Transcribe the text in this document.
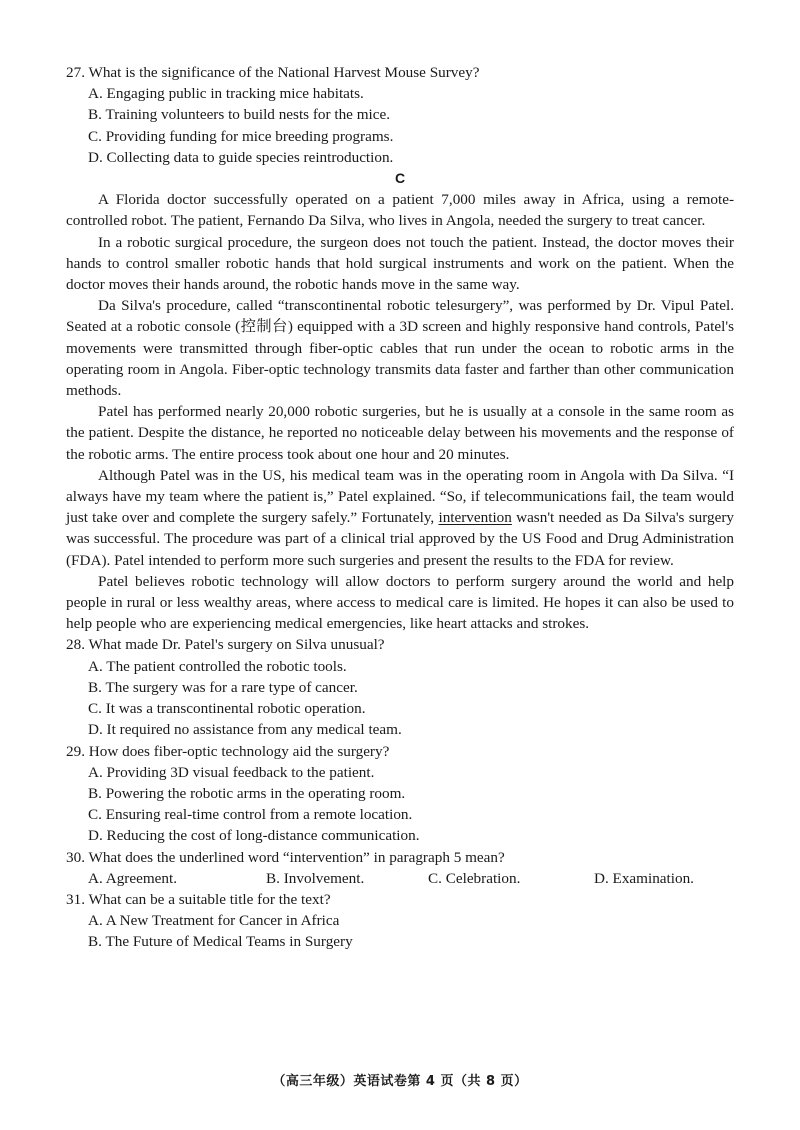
27. What is the significance of the National Harvest Mouse Survey?

A. Engaging public in tracking mice habitats.

B. Training volunteers to build nests for the mice.

C. Providing funding for mice breeding programs.

D. Collecting data to guide species reintroduction.

C

A Florida doctor successfully operated on a patient 7,000 miles away in Africa, using a remote-controlled robot. The patient, Fernando Da Silva, who lives in Angola, needed the surgery to treat cancer.

In a robotic surgical procedure, the surgeon does not touch the patient. Instead, the doctor moves their hands to control smaller robotic hands that hold surgical instruments and work on the patient. When the doctor moves their hands around, the robotic hands move in the same way.

Da Silva's procedure, called “transcontinental robotic telesurgery”, was performed by Dr. Vipul Patel. Seated at a robotic console (控制台) equipped with a 3D screen and highly responsive hand controls, Patel's movements were transmitted through fiber-optic cables that run under the ocean to robotic arms in the operating room in Angola. Fiber-optic technology transmits data faster and farther than other communication methods.

Patel has performed nearly 20,000 robotic surgeries, but he is usually at a console in the same room as the patient. Despite the distance, he reported no noticeable delay between his movements and the response of the robotic arms. The entire process took about one hour and 20 minutes.

Although Patel was in the US, his medical team was in the operating room in Angola with Da Silva. “I always have my team where the patient is,” Patel explained. “So, if telecommunications fail, the team would just take over and complete the surgery safely.” Fortunately, intervention wasn't needed as Da Silva's surgery was successful. The procedure was part of a clinical trial approved by the US Food and Drug Administration (FDA). Patel intended to perform more such surgeries and present the results to the FDA for review.

Patel believes robotic technology will allow doctors to perform surgery around the world and help people in rural or less wealthy areas, where access to medical care is limited. He hopes it can also be used to help people who are experiencing medical emergencies, like heart attacks and strokes.

28. What made Dr. Patel's surgery on Silva unusual?

A. The patient controlled the robotic tools.

B. The surgery was for a rare type of cancer.

C. It was a transcontinental robotic operation.

D. It required no assistance from any medical team.

29. How does fiber-optic technology aid the surgery?

A. Providing 3D visual feedback to the patient.

B. Powering the robotic arms in the operating room.

C. Ensuring real-time control from a remote location.

D. Reducing the cost of long-distance communication.

30. What does the underlined word “intervention” in paragraph 5 mean?

A. Agreement.	B. Involvement.	C. Celebration.	D. Examination.

31. What can be a suitable title for the text?

A. A New Treatment for Cancer in Africa

B. The Future of Medical Teams in Surgery

（高三年级）英语试卷第 4 页（共 8 页）
